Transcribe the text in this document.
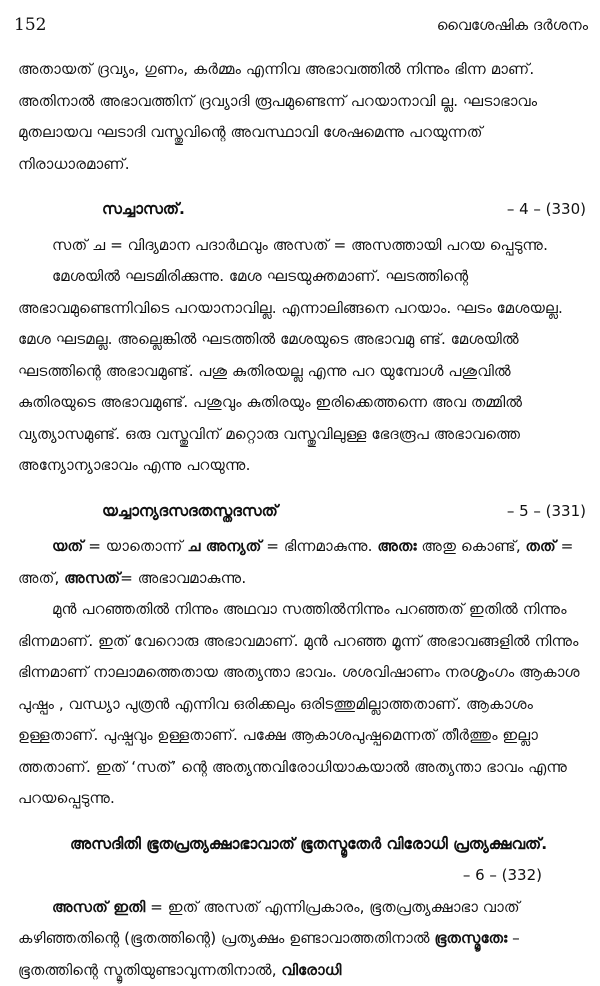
152	വൈശേഷിക ദർശനം

അതായത് ദ്രവ്യം, ഗുണം, കർമ്മം എന്നിവ അഭാവത്തിൽ നിന്നും ഭിന്ന മാണ്. അതിനാൽ അഭാവത്തിന് ദ്രവ്യാദി രൂപമുണ്ടെന്ന് പറയാനാവി ല്ല. ഘടാഭാവം മുതലായവ ഘടാദി വസ്തുവിന്റെ അവസ്ഥാവി ശേഷമെന്നു പറയുന്നത് നിരാധാരമാണ്.

സച്ചാസത്.	– 4 – (330)

സത് ച = വിദ്യമാന പദാർഥവും അസത് = അസത്തായി പറയ പ്പെടുന്നു.

മേശയിൽ ഘടമിരിക്കുന്നു. മേശ ഘടയുക്തമാണ്. ഘടത്തിന്റെ അഭാവമുണ്ടെന്നിവിടെ പറയാനാവില്ല. എന്നാലിങ്ങനെ പറയാം. ഘടം മേശയല്ല. മേശ ഘടമല്ല. അല്ലെങ്കിൽ ഘടത്തിൽ മേശയുടെ അഭാവമു ണ്ട്. മേശയിൽ ഘടത്തിന്റെ അഭാവമുണ്ട്. പശു കുതിരയല്ല എന്നു പറ യുമ്പോൾ പശുവിൽ കുതിരയുടെ അഭാവമുണ്ട്. പശുവും കുതിരയും ഇരിക്കെത്തന്നെ അവ തമ്മിൽ വ്യത്യാസമുണ്ട്. ഒരു വസ്തുവിന് മറ്റൊരു വസ്തുവിലുള്ള ഭേദരൂപ അഭാവത്തെ അന്യോന്യാഭാവം എന്നു പറയുന്നു.

യച്ചാന്യദസദതസ്തദസത്	– 5 – (331)

യത് = യാതൊന്ന് ച അന്യത് = ഭിന്നമാകുന്നു. അതഃ അതു കൊണ്ട്, തത് = അത്, അസത്= അഭാവമാകുന്നു.

മുൻ പറഞ്ഞതിൽ നിന്നും അഥവാ സത്തിൽനിന്നും പറഞ്ഞത് ഇതിൽ നിന്നും ഭിന്നമാണ്. ഇത് വേറൊരു അഭാവമാണ്. മുൻ പറഞ്ഞ മൂന്ന് അഭാവങ്ങളിൽ നിന്നും ഭിന്നമാണ് നാലാമത്തെതായ അത്യന്താ ഭാവം. ശശവിഷാണം നരശൃംഗം ആകാശ പുഷ്പം , വന്ധ്യാ പുത്രൻ എന്നിവ ഒരിക്കലും ഒരിടത്തുമില്ലാത്തതാണ്. ആകാശം ഉള്ളതാണ്. പുഷ്പവും ഉള്ളതാണ്. പക്ഷേ ആകാശപുഷ്പമെന്നത് തീർത്തും ഇല്ലാ ത്തതാണ്. ഇത് ‘സത്’ ന്റെ അത്യന്തവിരോധിയാകയാൽ അത്യന്താ ഭാവം എന്നു പറയപ്പെടുന്നു.

അസദിതി ഭൂതപ്രത്യക്ഷാഭാവാത് ഭൂതസ്മൃതേർ വിരോധി പ്രത്യക്ഷവത്.

– 6 – (332)

അസത് ഇതി = ഇത് അസത് എന്നിപ്രകാരം, ഭൂതപ്രത്യക്ഷാഭാ വാത് കഴിഞ്ഞതിന്റെ (ഭൂതത്തിന്റെ) പ്രത്യക്ഷം ഉണ്ടാവാത്തതിനാൽ ഭൂതസ്മൃതേഃ – ഭൂതത്തിന്റെ സ്മൃതിയുണ്ടാവുന്നതിനാൽ, വിരോധി
